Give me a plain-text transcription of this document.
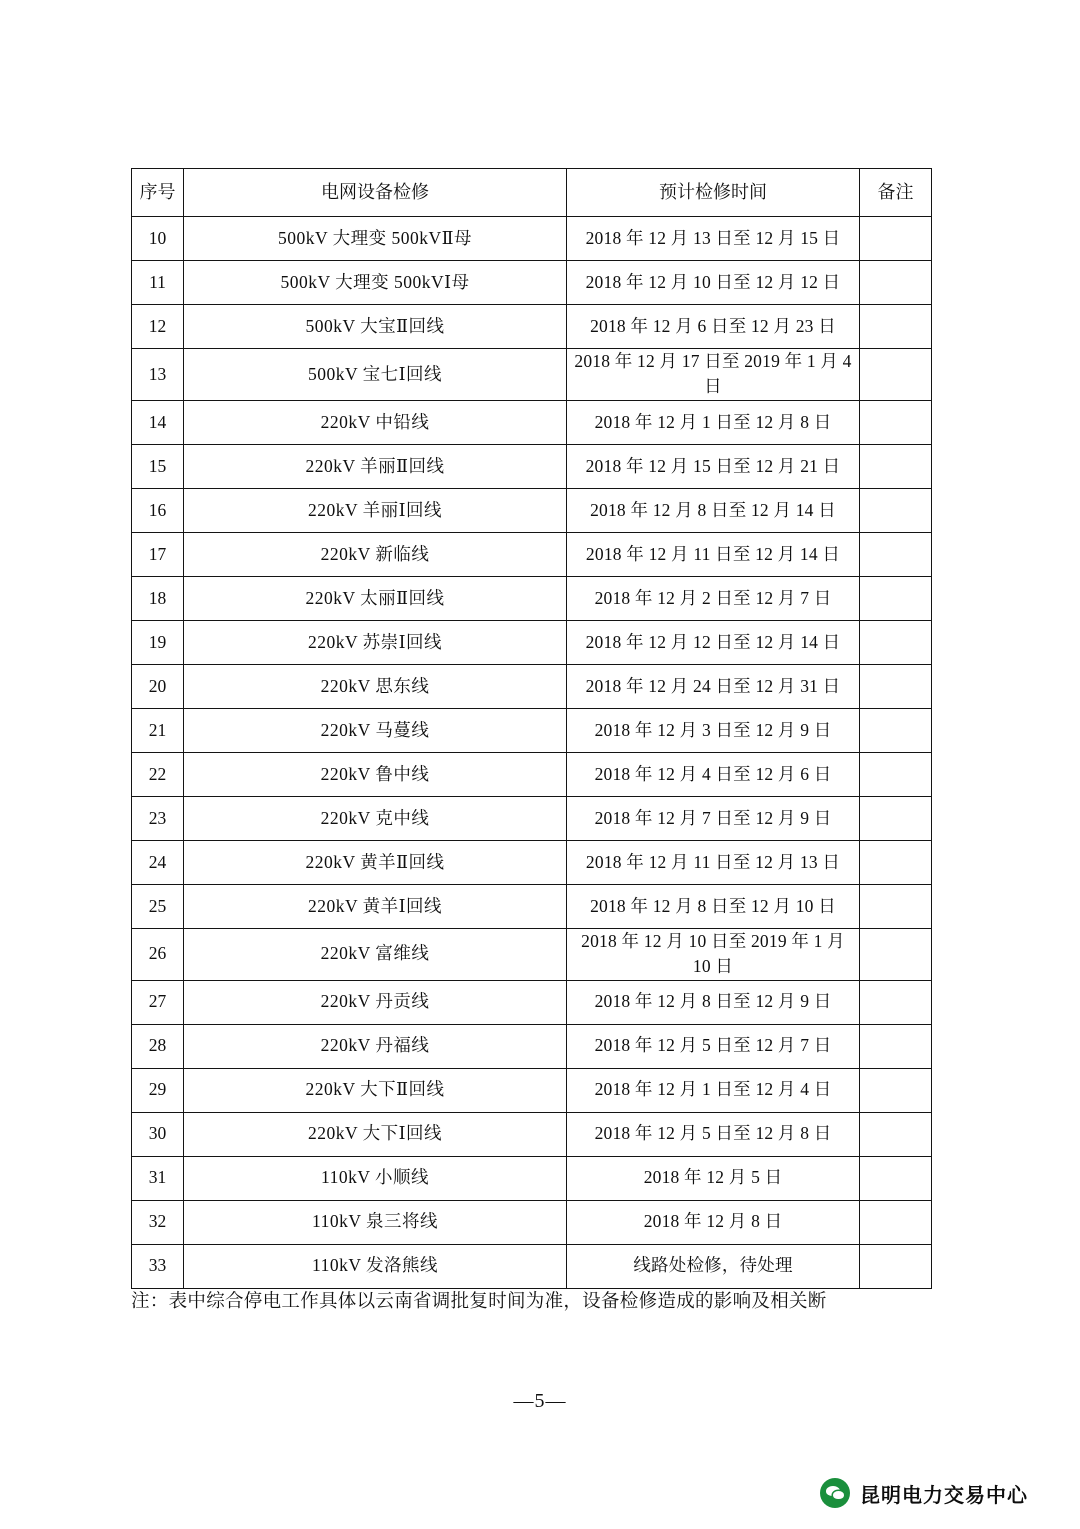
序号	电网设备检修	预计检修时间	备注
10	500kV 大理变 500kVⅡ母	2018 年 12 月 13 日至 12 月 15 日	
11	500kV 大理变 500kVⅠ母	2018 年 12 月 10 日至 12 月 12 日	
12	500kV 大宝Ⅱ回线	2018 年 12 月 6 日至 12 月 23 日	
13	500kV 宝七Ⅰ回线	2018 年 12 月 17 日至 2019 年 1 月 4 日	
14	220kV 中铅线	2018 年 12 月 1 日至 12 月 8 日	
15	220kV 羊丽Ⅱ回线	2018 年 12 月 15 日至 12 月 21 日	
16	220kV 羊丽Ⅰ回线	2018 年 12 月 8 日至 12 月 14 日	
17	220kV 新临线	2018 年 12 月 11 日至 12 月 14 日	
18	220kV 太丽Ⅱ回线	2018 年 12 月 2 日至 12 月 7 日	
19	220kV 苏崇Ⅰ回线	2018 年 12 月 12 日至 12 月 14 日	
20	220kV 思东线	2018 年 12 月 24 日至 12 月 31 日	
21	220kV 马蔓线	2018 年 12 月 3 日至 12 月 9 日	
22	220kV 鲁中线	2018 年 12 月 4 日至 12 月 6 日	
23	220kV 克中线	2018 年 12 月 7 日至 12 月 9 日	
24	220kV 黄羊Ⅱ回线	2018 年 12 月 11 日至 12 月 13 日	
25	220kV 黄羊Ⅰ回线	2018 年 12 月 8 日至 12 月 10 日	
26	220kV 富维线	2018 年 12 月 10 日至 2019 年 1 月 10 日	
27	220kV 丹贡线	2018 年 12 月 8 日至 12 月 9 日	
28	220kV 丹福线	2018 年 12 月 5 日至 12 月 7 日	
29	220kV 大下Ⅱ回线	2018 年 12 月 1 日至 12 月 4 日	
30	220kV 大下Ⅰ回线	2018 年 12 月 5 日至 12 月 8 日	
31	110kV 小顺线	2018 年 12 月 5 日	
32	110kV 泉三将线	2018 年 12 月 8 日	
33	110kV 发洛熊线	线路处检修，待处理	
注：表中综合停电工作具体以云南省调批复时间为准，设备检修造成的影响及相关断
—5—
昆明电力交易中心
